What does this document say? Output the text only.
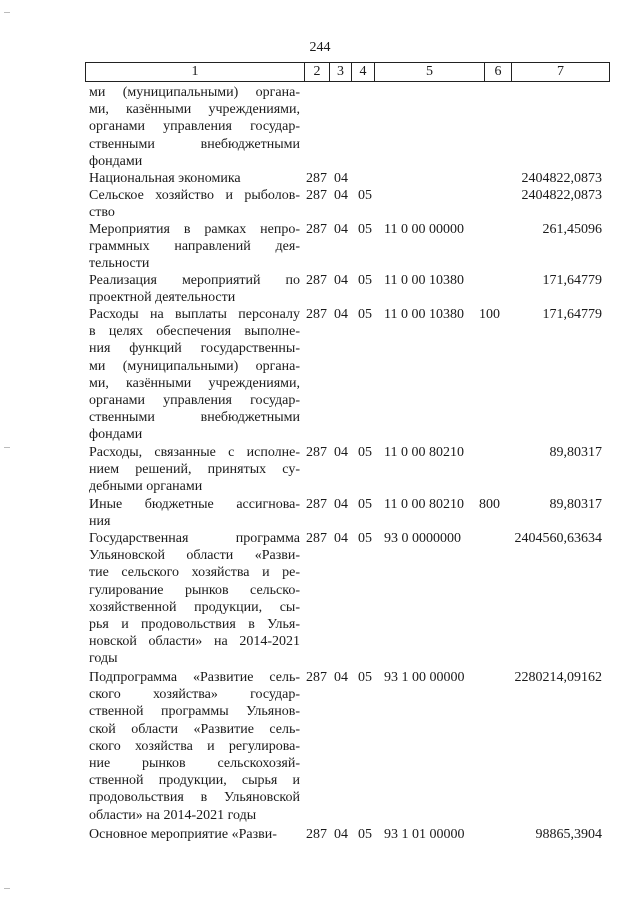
244
1	2	3	4	5	6	7
ми (муниципальными) органа-
ми, казёнными учреждениями,
органами управления государ-
ственными внебюджетными
фондами
Национальная экономика	287 04	2404822,0873
Сельское хозяйство и рыболов-
ство
287 04 05	2404822,0873
Мероприятия в рамках непро-
граммных направлений дея-
тельности
287 04 05 11 0 00 00000	261,45096
Реализация мероприятий по
проектной деятельности
287 04 05 11 0 00 10380	171,64779
Расходы на выплаты персоналу
в целях обеспечения выполне-
ния функций государственны-
ми (муниципальными) органа-
ми, казёнными учреждениями,
органами управления государ-
ственными внебюджетными
фондами
287 04 05 11 0 00 10380	100	171,64779
Расходы, связанные с исполне-
нием решений, принятых су-
дебными органами
287 04 05 11 0 00 80210	89,80317
Иные бюджетные ассигнова-
ния
287 04 05 11 0 00 80210	800	89,80317
Государственная программа
Ульяновской области «Разви-
тие сельского хозяйства и ре-
гулирование рынков сельско-
хозяйственной продукции, сы-
рья и продовольствия в Улья-
новской области» на 2014-2021
годы
287 04 05 93 0 0000000	2404560,63634
Подпрограмма «Развитие сель-
ского хозяйства» государ-
ственной программы Ульянов-
ской области «Развитие сель-
ского хозяйства и регулирова-
ние рынков сельскохозяй-
ственной продукции, сырья и
продовольствия в Ульяновской
области» на 2014-2021 годы
287 04 05 93 1 00 00000	2280214,09162
Основное мероприятие «Разви-	287 04 05 93 1 01 00000	98865,3904
